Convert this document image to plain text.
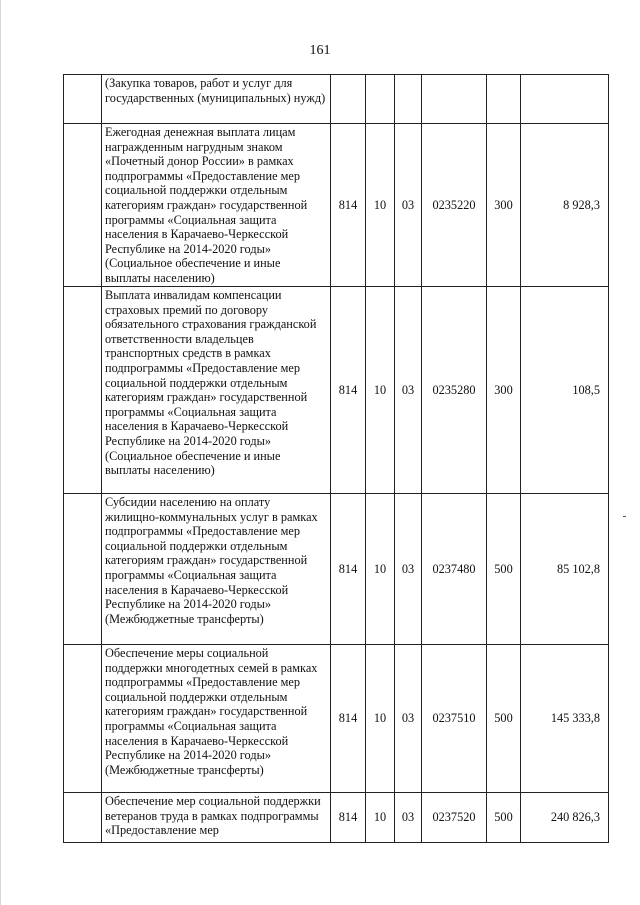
161
	(Закупка товаров, работ и услуг для государственных (муниципальных) нужд)						
	Ежегодная денежная выплата лицам награжденным нагрудным знаком «Почетный донор России» в рамках подпрограммы «Предоставление мер социальной поддержки отдельным категориям граждан» государственной программы «Социальная защита населения в Карачаево-Черкесской Республике на 2014-2020 годы» (Социальное обеспечение и иные выплаты населению)	814	10	03	0235220	300	8 928,3
	Выплата инвалидам компенсации страховых премий по договору обязательного страхования гражданской ответственности владельцев транспортных средств в рамках подпрограммы «Предоставление мер социальной поддержки отдельным категориям граждан» государственной программы «Социальная защита населения в Карачаево-Черкесской Республике на 2014-2020 годы» (Социальное обеспечение и иные выплаты населению)	814	10	03	0235280	300	108,5
	Субсидии населению на оплату жилищно-коммунальных услуг в рамках подпрограммы «Предоставление мер социальной поддержки отдельным категориям граждан» государственной программы «Социальная защита населения в Карачаево-Черкесской Республике на 2014-2020 годы» (Межбюджетные трансферты)	814	10	03	0237480	500	85 102,8
	Обеспечение меры социальной поддержки многодетных семей в рамках подпрограммы «Предоставление мер социальной поддержки отдельным категориям граждан» государственной программы «Социальная защита населения в Карачаево-Черкесской Республике на 2014-2020 годы» (Межбюджетные трансферты)	814	10	03	0237510	500	145 333,8
	Обеспечение мер социальной поддержки ветеранов труда в рамках подпрограммы «Предоставление мер	814	10	03	0237520	500	240 826,3
